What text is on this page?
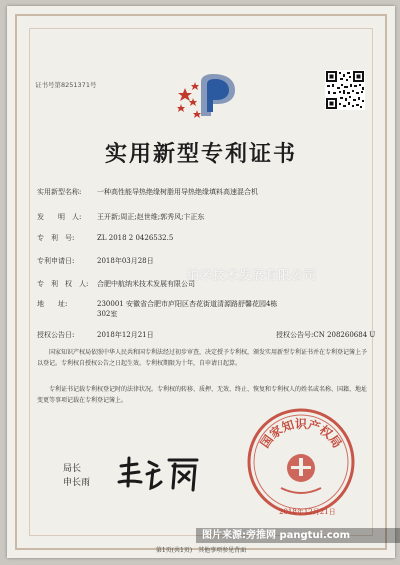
证书号第8251371号
实用新型专利证书
实用新型名称: 一种高性能导热绝缘树脂用导热绝缘填料高速混合机
发　　明　人: 王开新;周正;赵世维;郭秀风;卞正东
专　利　号:	ZL 2018 2 0426532.5
专利申请日:	2018年03月28日
纳米技术发展有限公司
专　利　权　人: 合肥中航纳米技术发展有限公司
地　　址:	230001 安徽省合肥市庐阳区杏花街道清源路舒馨花园4栋302室
授权公告日:	2018年12月21日	授权公告号:CN 208260684 U
国家知识产权局依照中华人民共和国专利法经过初步审查，决定授予专利权，颁发实用新型专利证书并在专利登记簿上予以登记。专利权自授权公告之日起生效。专利权期限为十年，自申请日起算。
专利证书记载专利权登记时的法律状况。专利权的转移、质押、无效、终止、恢复和专利权人的姓名或名称、国籍、地址变更等事项记载在专利登记簿上。
局长
申长雨
国家知识产权局
2018年12月21日
第1页(共1页)　其他事项参见背面
图片来源:旁推网 pangtui.com
